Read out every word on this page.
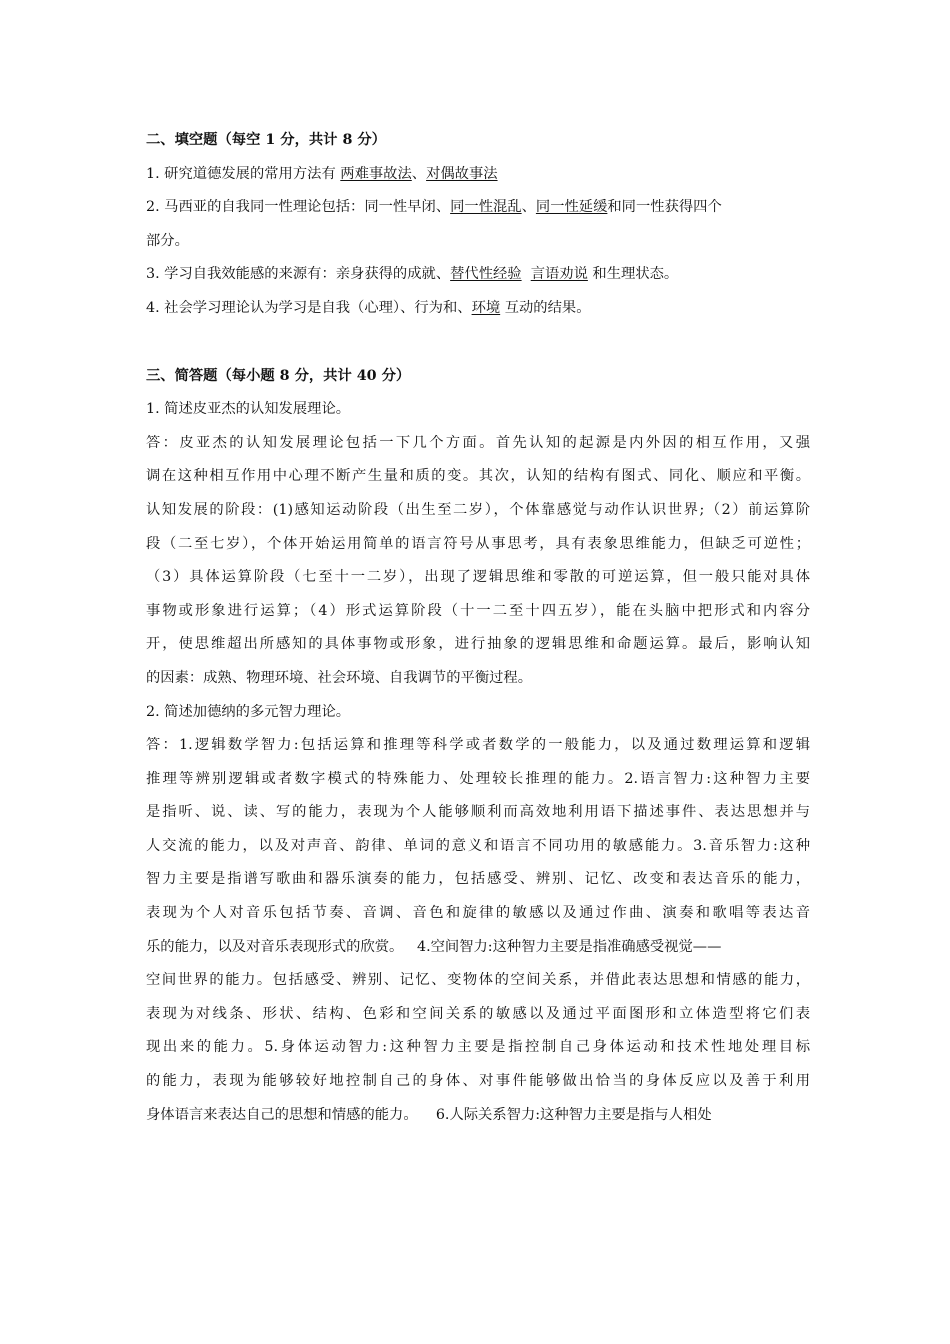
二、填空题（每空 1 分，共计 8 分）
1. 研究道德发展的常用方法有 两难事故法、对偶故事法
2. 马西亚的自我同一性理论包括：同一性早闭、同一性混乱、同一性延缓和同一性获得四个
部分。
3. 学习自我效能感的来源有：亲身获得的成就、替代性经验 言语劝说 和生理状态。
4. 社会学习理论认为学习是自我（心理）、行为和、环境 互动的结果。
三、简答题（每小题 8 分，共计 40 分）
1. 简述皮亚杰的认知发展理论。
答：皮亚杰的认知发展理论包括一下几个方面。首先认知的起源是内外因的相互作用，又强
调在这种相互作用中心理不断产生量和质的变。其次，认知的结构有图式、同化、顺应和平衡。
认知发展的阶段：(1)感知运动阶段（出生至二岁），个体靠感觉与动作认识世界;（2）前运算阶
段（二至七岁），个体开始运用简单的语言符号从事思考，具有表象思维能力，但缺乏可逆性；
（3）具体运算阶段（七至十一二岁），出现了逻辑思维和零散的可逆运算，但一般只能对具体
事物或形象进行运算；（4）形式运算阶段（十一二至十四五岁），能在头脑中把形式和内容分
开，使思维超出所感知的具体事物或形象，进行抽象的逻辑思维和命题运算。最后，影响认知
的因素：成熟、物理环境、社会环境、自我调节的平衡过程。
2. 简述加德纳的多元智力理论。
答：1.逻辑数学智力:包括运算和推理等科学或者数学的一般能力，以及通过数理运算和逻辑
推理等辨别逻辑或者数字模式的特殊能力、处理较长推理的能力。2.语言智力:这种智力主要
是指听、说、读、写的能力，表现为个人能够顺利而高效地利用语下描述事件、表达思想并与
人交流的能力，以及对声音、韵律、单词的意义和语言不同功用的敏感能力。3.音乐智力:这种
智力主要是指谱写歌曲和器乐演奏的能力，包括感受、辨别、记忆、改变和表达音乐的能力，
表现为个人对音乐包括节奏、音调、音色和旋律的敏感以及通过作曲、演奏和歌唱等表达音
乐的能力，以及对音乐表现形式的欣赏。   4.空间智力:这种智力主要是指准确感受视觉——
空间世界的能力。包括感受、辨别、记忆、变物体的空间关系，并借此表达思想和情感的能力，
表现为对线条、形状、结构、色彩和空间关系的敏感以及通过平面图形和立体造型将它们表
现出来的能力。5.身体运动智力:这种智力主要是指控制自己身体运动和技术性地处理目标
的能力，表现为能够较好地控制自己的身体、对事件能够做出恰当的身体反应以及善于利用
身体语言来表达自己的思想和情感的能力。    6.人际关系智力:这种智力主要是指与人相处
